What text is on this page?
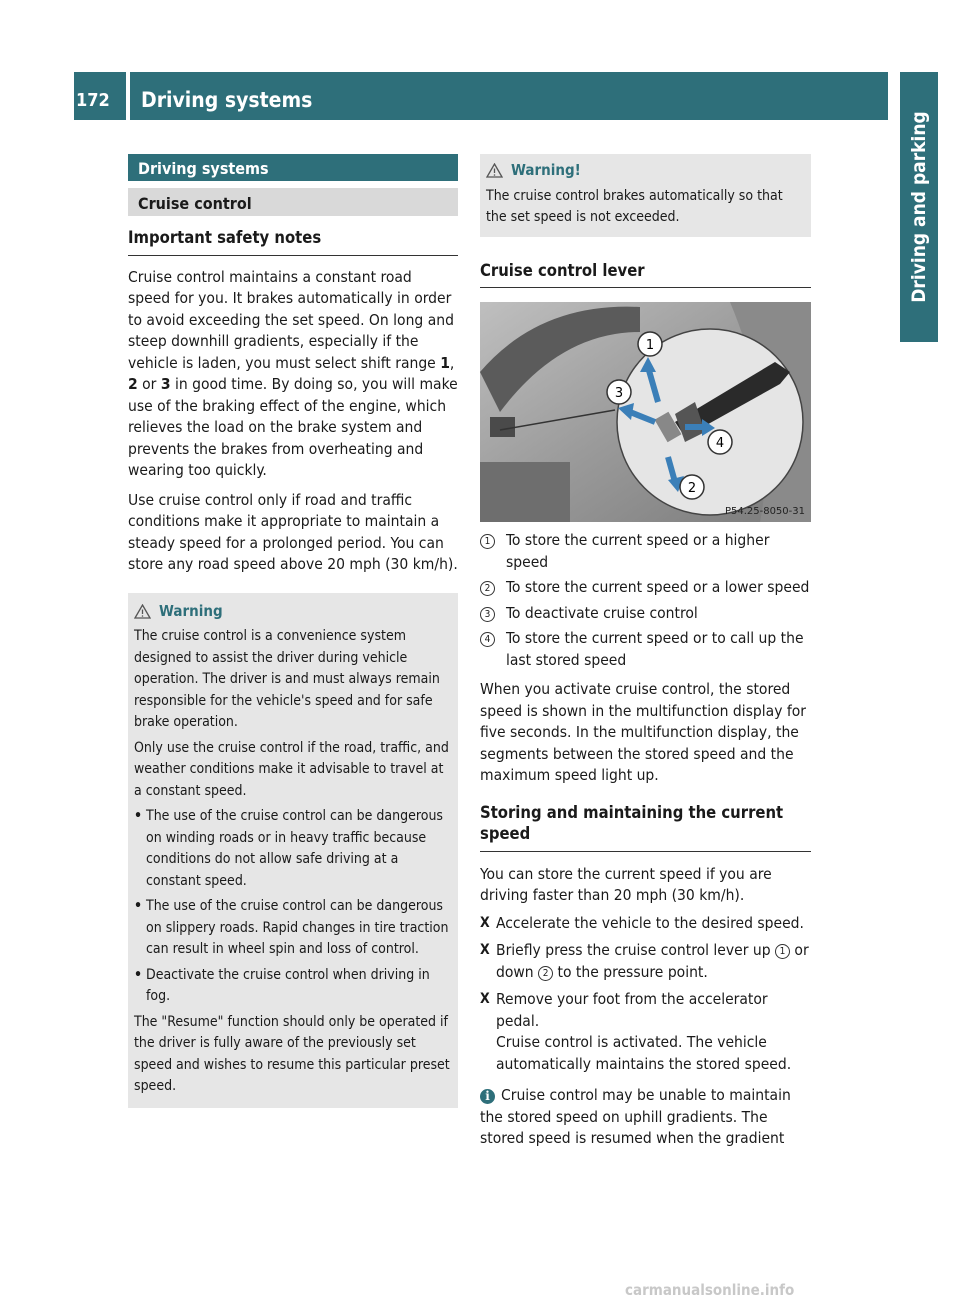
172 Driving systems
Driving and parking
Driving systems
Cruise control
Important safety notes

Cruise control maintains a constant road speed for you. It brakes automatically in order to avoid exceeding the set speed. On long and steep downhill gradients, especially if the vehicle is laden, you must select shift range 1, 2 or 3 in good time. By doing so, you will make use of the braking effect of the engine, which relieves the load on the brake system and prevents the brakes from overheating and wearing too quickly.

Use cruise control only if road and traffic conditions make it appropriate to maintain a steady speed for a prolonged period. You can store any road speed above 20 mph (30 km/h).

Warning

The cruise control is a convenience system designed to assist the driver during vehicle operation. The driver is and must always remain responsible for the vehicle's speed and for safe brake operation.

Only use the cruise control if the road, traffic, and weather conditions make it advisable to travel at a constant speed.

• The use of the cruise control can be dangerous on winding roads or in heavy traffic because conditions do not allow safe driving at a constant speed.
• The use of the cruise control can be dangerous on slippery roads. Rapid changes in tire traction can result in wheel spin and loss of control.
• Deactivate the cruise control when driving in fog.

The "Resume" function should only be operated if the driver is fully aware of the previously set speed and wishes to resume this particular preset speed.

Warning!

The cruise control brakes automatically so that the set speed is not exceeded.

Cruise control lever
1
2
3
4
P54.25-8050-31
1	To store the current speed or a higher speed
2	To store the current speed or a lower speed
3	To deactivate cruise control
4	To store the current speed or to call up the last stored speed

When you activate cruise control, the stored speed is shown in the multifunction display for five seconds. In the multifunction display, the segments between the stored speed and the maximum speed light up.

Storing and maintaining the current speed

You can store the current speed if you are driving faster than 20 mph (30 km/h).

X Accelerate the vehicle to the desired speed.
X Briefly press the cruise control lever up 1 or down 2 to the pressure point.
X Remove your foot from the accelerator pedal.
Cruise control is activated. The vehicle automatically maintains the stored speed.

i Cruise control may be unable to maintain the stored speed on uphill gradients. The stored speed is resumed when the gradient

carmanualsonline.info
